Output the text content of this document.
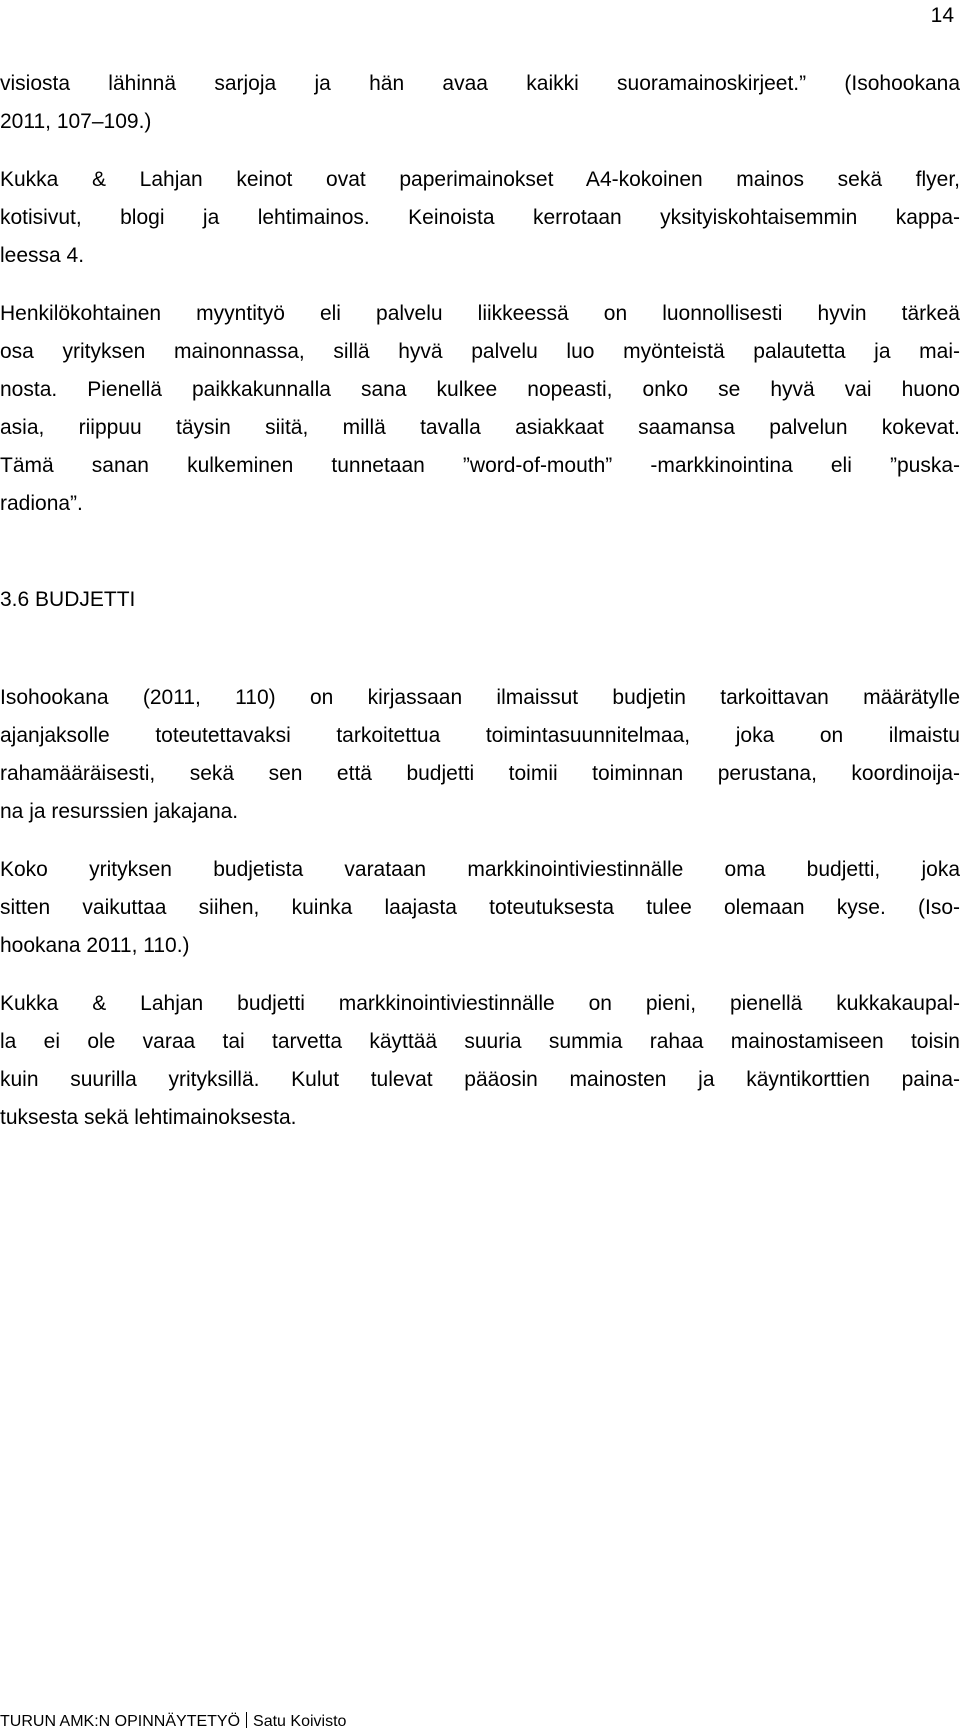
14
visiosta lähinnä sarjoja ja hän avaa kaikki suoramainoskirjeet.” (Isohookana
2011, 107–109.)
Kukka & Lahjan keinot ovat paperimainokset A4-kokoinen mainos sekä flyer,
kotisivut, blogi ja lehtimainos. Keinoista kerrotaan yksityiskohtaisemmin kappa-
leessa 4.
Henkilökohtainen myyntityö eli palvelu liikkeessä on luonnollisesti hyvin tärkeä
osa yrityksen mainonnassa, sillä hyvä palvelu luo myönteistä palautetta ja mai-
nosta. Pienellä paikkakunnalla sana kulkee nopeasti, onko se hyvä vai huono
asia, riippuu täysin siitä, millä tavalla asiakkaat saamansa palvelun kokevat.
Tämä sanan kulkeminen tunnetaan ”word-of-mouth” -markkinointina eli ”puska-
radiona”.
3.6 BUDJETTI
Isohookana (2011, 110) on kirjassaan ilmaissut budjetin tarkoittavan määrätylle
ajanjaksolle toteutettavaksi tarkoitettua toimintasuunnitelmaa, joka on ilmaistu
rahamääräisesti, sekä sen että budjetti toimii toiminnan perustana, koordinoija-
na ja resurssien jakajana.
Koko yrityksen budjetista varataan markkinointiviestinnälle oma budjetti, joka
sitten vaikuttaa siihen, kuinka laajasta toteutuksesta tulee olemaan kyse. (Iso-
hookana 2011, 110.)
Kukka & Lahjan budjetti markkinointiviestinnälle on pieni, pienellä kukkakaupal-
la ei ole varaa tai tarvetta käyttää suuria summia rahaa mainostamiseen toisin
kuin suurilla yrityksillä. Kulut tulevat pääosin mainosten ja käyntikorttien paina-
tuksesta sekä lehtimainoksesta.
TURUN AMK:N OPINNÄYTETYÖ Satu Koivisto
